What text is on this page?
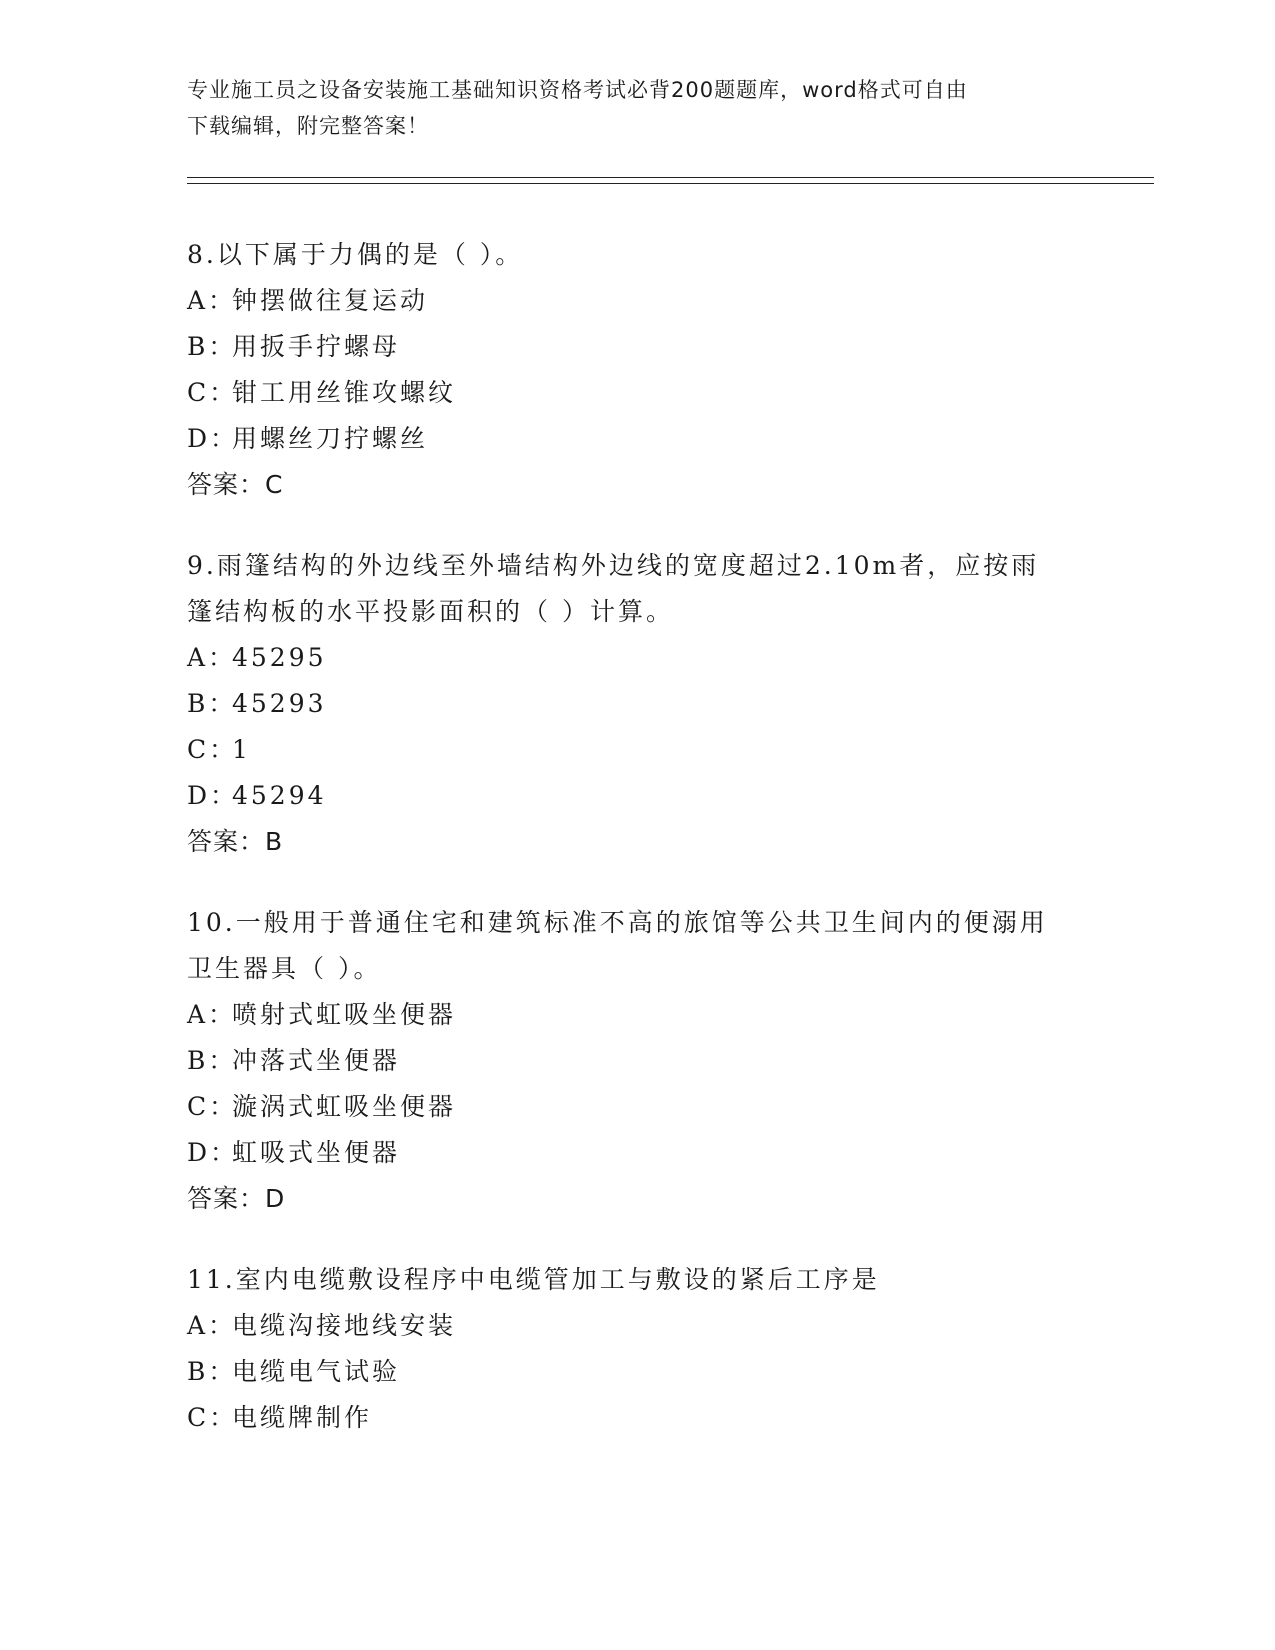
专业施工员之设备安装施工基础知识资格考试必背200题题库，word格式可自由
下载编辑，附完整答案！
8.以下属于力偶的是（ ）。
A：钟摆做往复运动
B：用扳手拧螺母
C：钳工用丝锥攻螺纹
D：用螺丝刀拧螺丝
答案：C
9.雨篷结构的外边线至外墙结构外边线的宽度超过2.10m者，应按雨
篷结构板的水平投影面积的（ ）计算。
A：45295
B：45293
C：1
D：45294
答案：B
10.一般用于普通住宅和建筑标准不高的旅馆等公共卫生间内的便溺用
卫生器具（ ）。
A：喷射式虹吸坐便器
B：冲落式坐便器
C：漩涡式虹吸坐便器
D：虹吸式坐便器
答案：D
11.室内电缆敷设程序中电缆管加工与敷设的紧后工序是
A：电缆沟接地线安装
B：电缆电气试验
C：电缆牌制作
